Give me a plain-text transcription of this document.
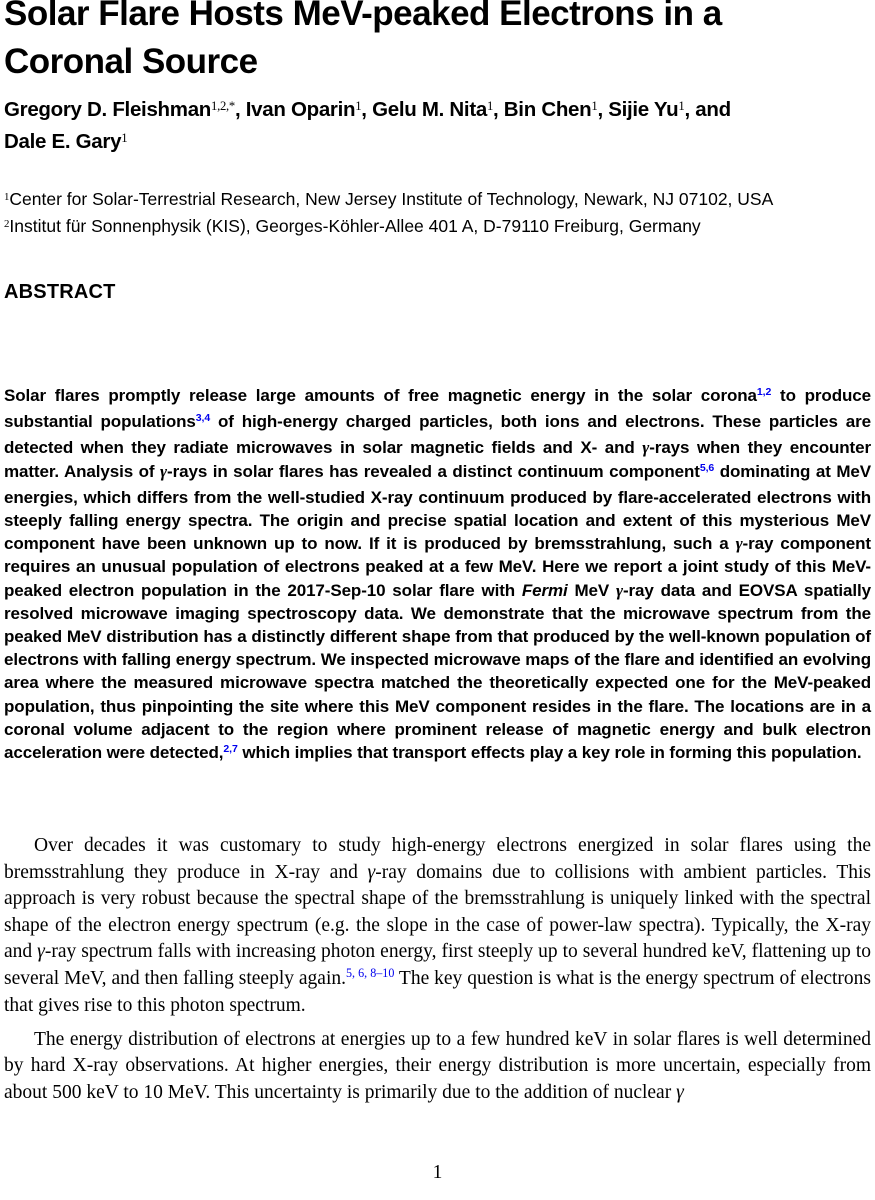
Solar Flare Hosts MeV-peaked Electrons in a
Coronal Source

Gregory D. Fleishman$^{1,2,*}$, Ivan Oparin$^1$, Gelu M. Nita$^1$, Bin Chen$^1$, Sijie Yu$^1$, and
Dale E. Gary$^1$

$^1$Center for Solar-Terrestrial Research, New Jersey Institute of Technology, Newark, NJ 07102, USA
$^2$Institut für Sonnenphysik (KIS), Georges-Köhler-Allee 401 A, D-79110 Freiburg, Germany
ABSTRACT

Solar flares promptly release large amounts of free magnetic energy in the solar corona$^{1,2}$ to produce substantial populations$^{3,4}$ of high-energy charged particles, both ions and electrons. These particles are detected when they radiate microwaves in solar magnetic fields and X- and γ-rays when they encounter matter. Analysis of γ-rays in solar flares has revealed a distinct continuum component$^{5,6}$ dominating at MeV energies, which differs from the well-studied X-ray continuum produced by flare-accelerated electrons with steeply falling energy spectra. The origin and precise spatial location and extent of this mysterious MeV component have been unknown up to now. If it is produced by bremsstrahlung, such a γ-ray component requires an unusual population of electrons peaked at a few MeV. Here we report a joint study of this MeV-peaked electron population in the 2017-Sep-10 solar flare with Fermi MeV γ-ray data and EOVSA spatially resolved microwave imaging spectroscopy data. We demonstrate that the microwave spectrum from the peaked MeV distribution has a distinctly different shape from that produced by the well-known population of electrons with falling energy spectrum. We inspected microwave maps of the flare and identified an evolving area where the measured microwave spectra matched the theoretically expected one for the MeV-peaked population, thus pinpointing the site where this MeV component resides in the flare. The locations are in a coronal volume adjacent to the region where prominent release of magnetic energy and bulk electron acceleration were detected,$^{2,7}$ which implies that transport effects play a key role in forming this population.

Over decades it was customary to study high-energy electrons energized in solar flares using the bremsstrahlung they produce in X-ray and γ-ray domains due to collisions with ambient particles. This approach is very robust because the spectral shape of the bremsstrahlung is uniquely linked with the spectral shape of the electron energy spectrum (e.g. the slope in the case of power-law spectra). Typically, the X-ray and γ-ray spectrum falls with increasing photon energy, first steeply up to several hundred keV, flattening up to several MeV, and then falling steeply again.$^{5, 6, 8-10}$ The key question is what is the energy spectrum of electrons that gives rise to this photon spectrum.

The energy distribution of electrons at energies up to a few hundred keV in solar flares is well determined by hard X-ray observations. At higher energies, their energy distribution is more uncertain, especially from about 500 keV to 10 MeV. This uncertainty is primarily due to the addition of nuclear γ

1
